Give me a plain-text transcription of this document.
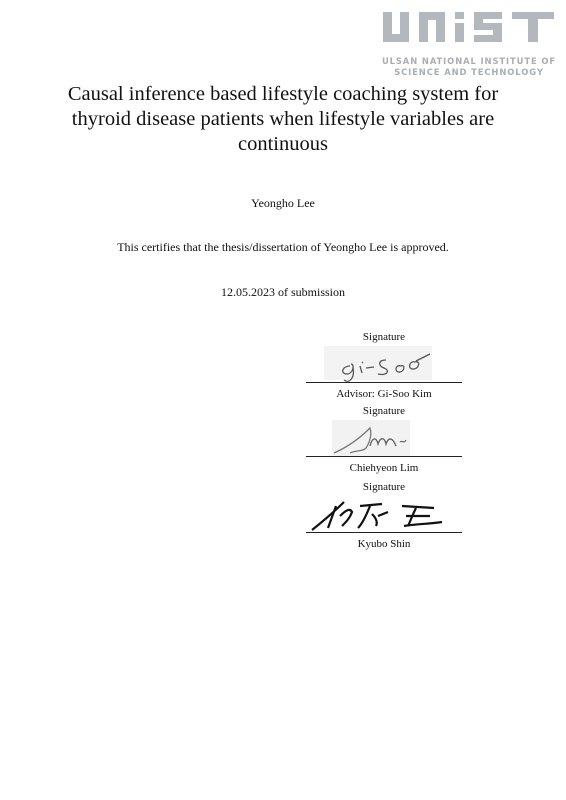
ULSAN NATIONAL INSTITUTE OF
SCIENCE AND TECHNOLOGY
Causal inference based lifestyle coaching system for thyroid disease patients when lifestyle variables are continuous
Yeongho Lee
This certifies that the thesis/dissertation of Yeongho Lee is approved.
12.05.2023 of submission
Signature
Advisor: Gi-Soo Kim
Signature
Chiehyeon Lim
Signature
Kyubo Shin
